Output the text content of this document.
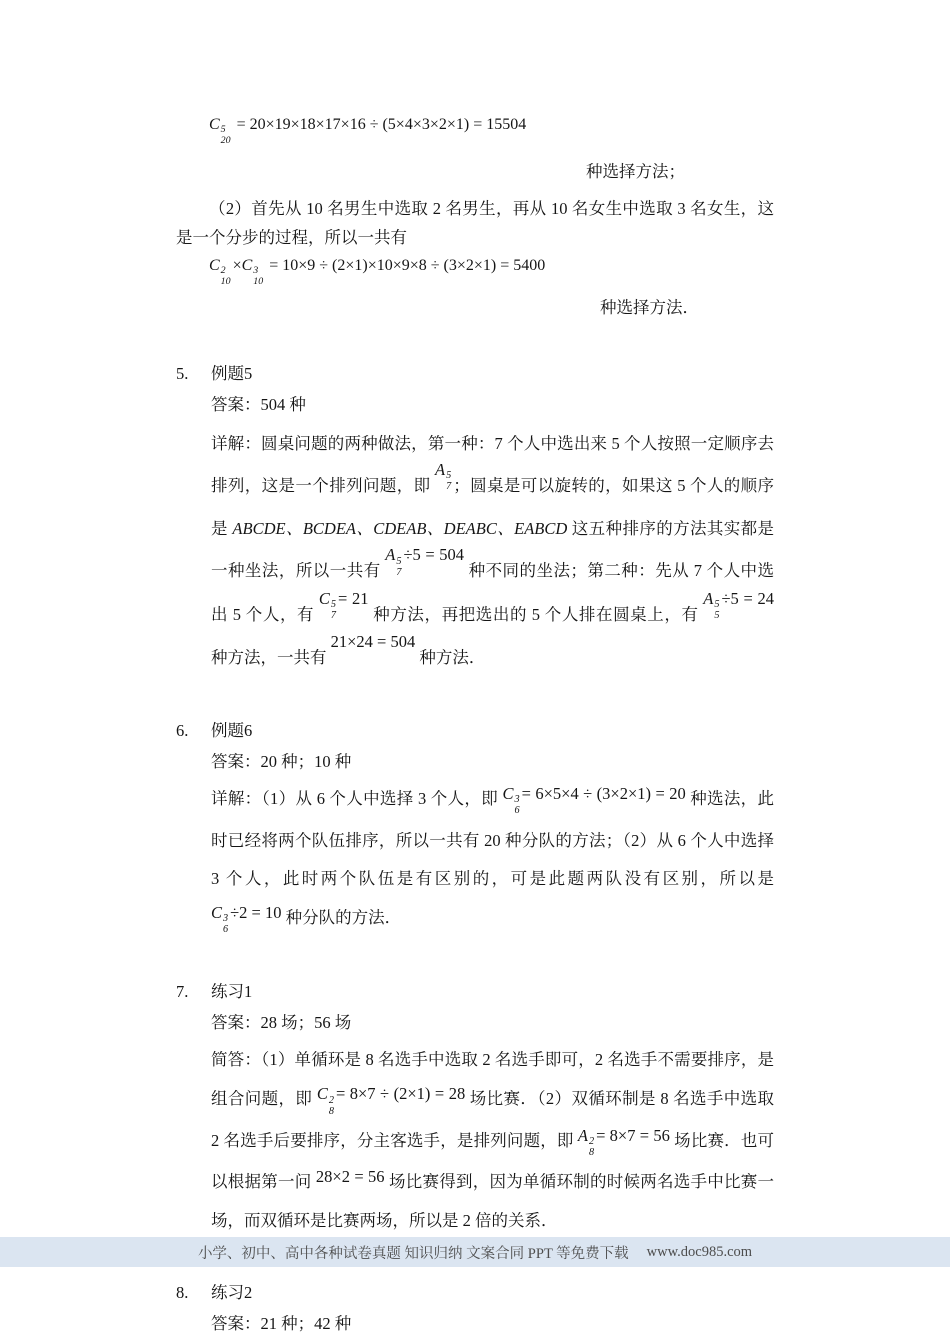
C 5
20
= 20×19×18×17×16 ÷ (5×4×3×2×1) = 15504
种选择方法；

（2）首先从 10 名男生中选取 2 名男生，再从 10 名女生中选取 3 名女生，这是一个分步的过程，所以一共有

C 2
10
×C 3
10
= 10×9 ÷ (2×1)×10×9×8 ÷ (3×2×1) = 5400
种选择方法．
5. 例题5

答案：504 种

详解：圆桌问题的两种做法，第一种：7 个人中选出来 5 个人按照一定顺序去排列，这是一个排列问题，即 A 5
7 ；圆桌是可以旋转的，如果这 5 个人的顺序是 ABCDE、BCDEA、CDEAB、DEABC、EABCD 这五种排序的方法其实都是一种坐法，所以一共有 A 5
7
÷5 = 504 种不同的坐法；第二种：先从 7 个人中选出 5 个人，有 C 5
7
= 21 种方法，再把选出的 5 个人排在圆桌上，有 A 5
5
÷5 = 24 种方法，一共有 21×24 = 504 种方法．

6. 例题6

答案：20 种；10 种

详解：（1）从 6 个人中选择 3 个人，即 C 3
6
= 6×5×4 ÷ (3×2×1) = 20 种选法，此时已经将两个队伍排序，所以一共有 20 种分队的方法；（2）从 6 个人中选择 3 个人，此时两个队伍是有区别的，可是此题两队没有区别，所以是 C 3
6
÷2 = 10 种分队的方法．

7. 练习1

答案：28 场；56 场

简答：（1）单循环是 8 名选手中选取 2 名选手即可，2 名选手不需要排序，是组合问题，即 C 2
8
= 8×7 ÷ (2×1) = 28 场比赛．（2）双循环制是 8 名选手中选取 2 名选手后要排序，分主客选手，是排列问题，即 A 2
8
= 8×7 = 56 场比赛．也可以根据第一问 28×2 = 56 场比赛得到，因为单循环制的时候两名选手中比赛一场，而双循环是比赛两场，所以是 2 倍的关系．

8. 练习2

答案：21 种；42 种

小学、初中、高中各种试卷真题 知识归纳 文案合同 PPT 等免费下载 www.doc985.com
